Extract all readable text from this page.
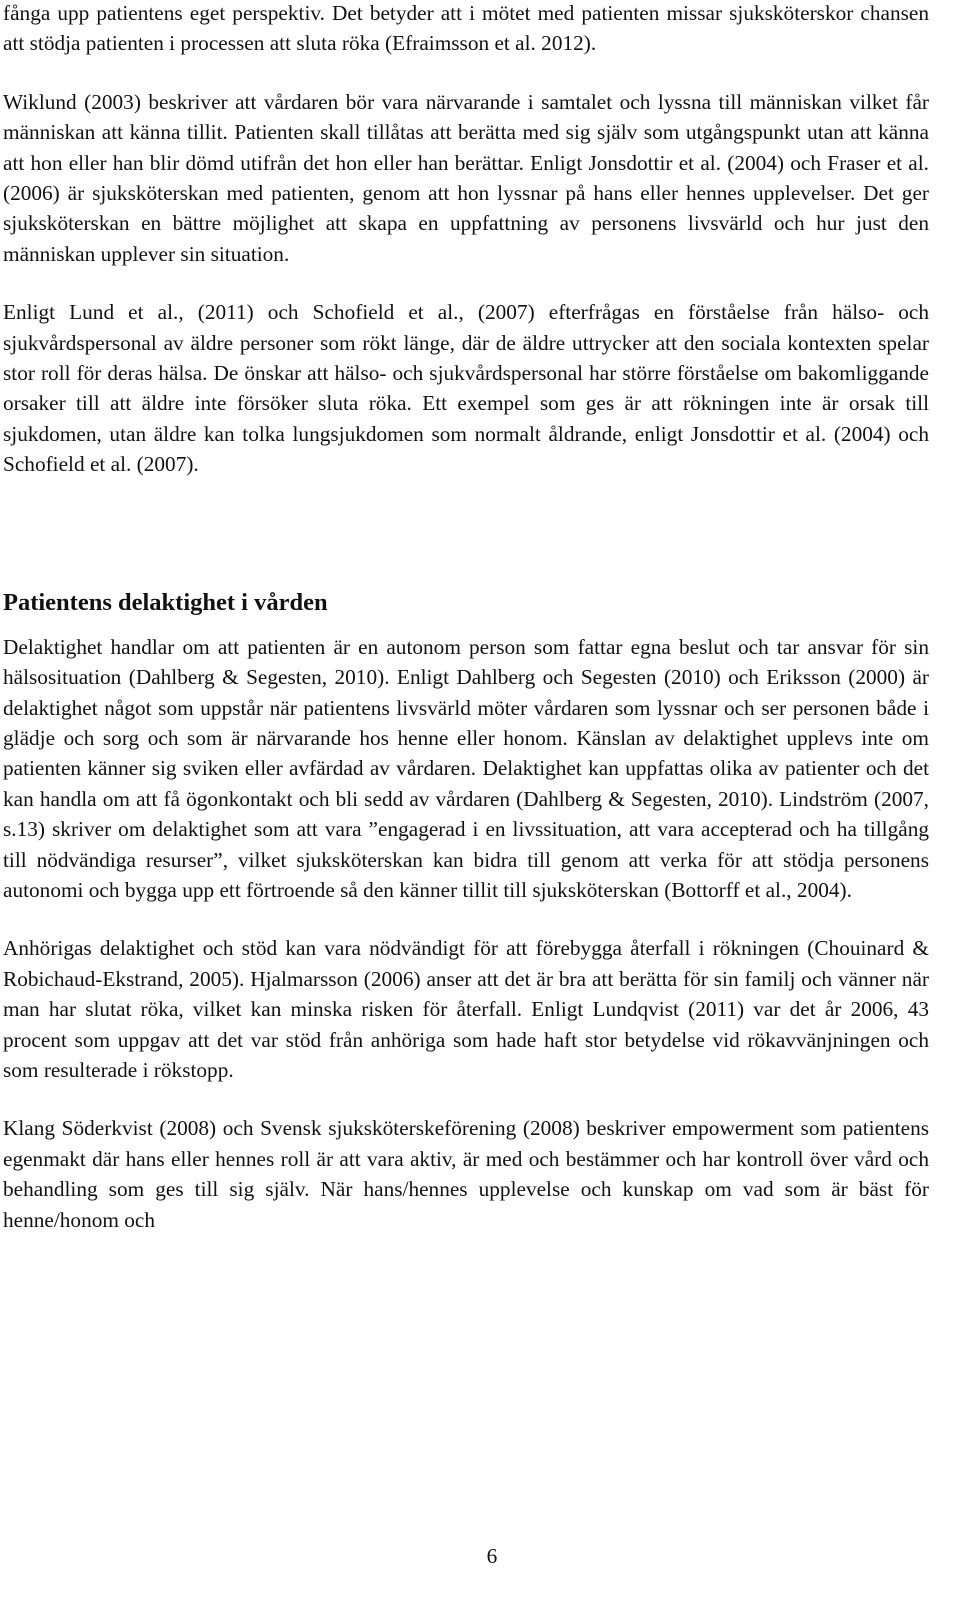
fånga upp patientens eget perspektiv. Det betyder att i mötet med patienten missar sjuksköterskor chansen att stödja patienten i processen att sluta röka (Efraimsson et al. 2012).

Wiklund (2003) beskriver att vårdaren bör vara närvarande i samtalet och lyssna till människan vilket får människan att känna tillit. Patienten skall tillåtas att berätta med sig själv som utgångspunkt utan att känna att hon eller han blir dömd utifrån det hon eller han berättar. Enligt Jonsdottir et al. (2004) och Fraser et al. (2006) är sjuksköterskan med patienten, genom att hon lyssnar på hans eller hennes upplevelser. Det ger sjuksköterskan en bättre möjlighet att skapa en uppfattning av personens livsvärld och hur just den människan upplever sin situation.

Enligt Lund et al., (2011) och Schofield et al., (2007) efterfrågas en förståelse från hälso- och sjukvårdspersonal av äldre personer som rökt länge, där de äldre uttrycker att den sociala kontexten spelar stor roll för deras hälsa. De önskar att hälso- och sjukvårdspersonal har större förståelse om bakomliggande orsaker till att äldre inte försöker sluta röka. Ett exempel som ges är att rökningen inte är orsak till sjukdomen, utan äldre kan tolka lungsjukdomen som normalt åldrande, enligt Jonsdottir et al. (2004) och Schofield et al. (2007).

Patientens delaktighet i vården

Delaktighet handlar om att patienten är en autonom person som fattar egna beslut och tar ansvar för sin hälsosituation (Dahlberg & Segesten, 2010). Enligt Dahlberg och Segesten (2010) och Eriksson (2000) är delaktighet något som uppstår när patientens livsvärld möter vårdaren som lyssnar och ser personen både i glädje och sorg och som är närvarande hos henne eller honom. Känslan av delaktighet upplevs inte om patienten känner sig sviken eller avfärdad av vårdaren. Delaktighet kan uppfattas olika av patienter och det kan handla om att få ögonkontakt och bli sedd av vårdaren (Dahlberg & Segesten, 2010). Lindström (2007, s.13) skriver om delaktighet som att vara ”engagerad i en livssituation, att vara accepterad och ha tillgång till nödvändiga resurser”, vilket sjuksköterskan kan bidra till genom att verka för att stödja personens autonomi och bygga upp ett förtroende så den känner tillit till sjuksköterskan (Bottorff et al., 2004).

Anhörigas delaktighet och stöd kan vara nödvändigt för att förebygga återfall i rökningen (Chouinard & Robichaud-Ekstrand, 2005). Hjalmarsson (2006) anser att det är bra att berätta för sin familj och vänner när man har slutat röka, vilket kan minska risken för återfall. Enligt Lundqvist (2011) var det år 2006, 43 procent som uppgav att det var stöd från anhöriga som hade haft stor betydelse vid rökavvänjningen och som resulterade i rökstopp.

Klang Söderkvist (2008) och Svensk sjuksköterskeförening (2008) beskriver empowerment som patientens egenmakt där hans eller hennes roll är att vara aktiv, är med och bestämmer och har kontroll över vård och behandling som ges till sig själv. När hans/hennes upplevelse och kunskap om vad som är bäst för henne/honom och

6
